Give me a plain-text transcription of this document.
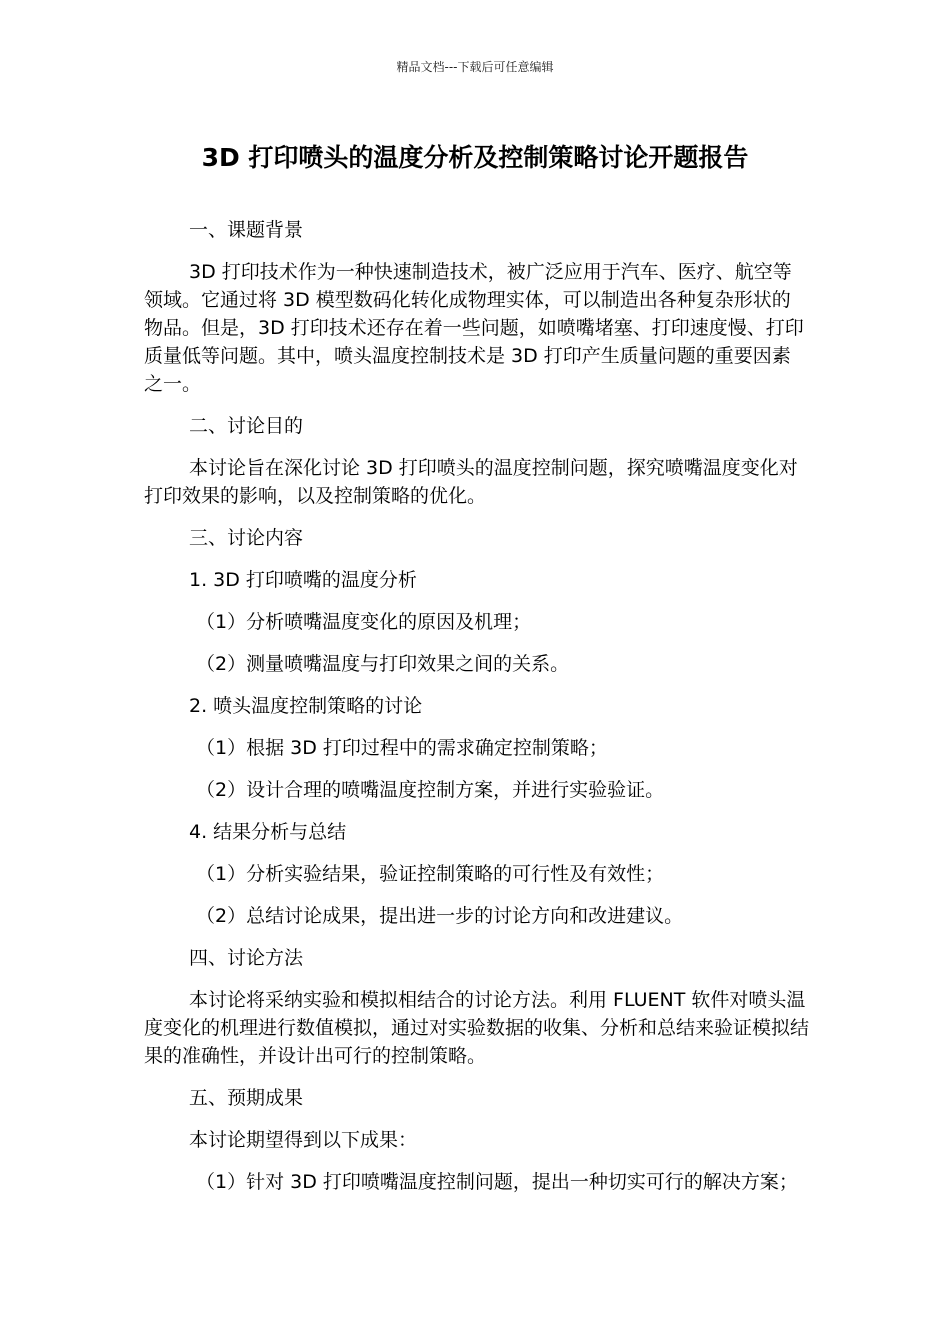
精品文档---下载后可任意编辑
3D 打印喷头的温度分析及控制策略讨论开题报告
一、课题背景
3D 打印技术作为一种快速制造技术，被广泛应用于汽车、医疗、航空等领域。它通过将 3D 模型数码化转化成物理实体，可以制造出各种复杂形状的物品。但是，3D 打印技术还存在着一些问题，如喷嘴堵塞、打印速度慢、打印质量低等问题。其中，喷头温度控制技术是 3D 打印产生质量问题的重要因素之一。
二、讨论目的
本讨论旨在深化讨论 3D 打印喷头的温度控制问题，探究喷嘴温度变化对打印效果的影响，以及控制策略的优化。
三、讨论内容
1. 3D 打印喷嘴的温度分析
（1）分析喷嘴温度变化的原因及机理；
（2）测量喷嘴温度与打印效果之间的关系。
2. 喷头温度控制策略的讨论
（1）根据 3D 打印过程中的需求确定控制策略；
（2）设计合理的喷嘴温度控制方案，并进行实验验证。
4. 结果分析与总结
（1）分析实验结果，验证控制策略的可行性及有效性；
（2）总结讨论成果，提出进一步的讨论方向和改进建议。
四、讨论方法
本讨论将采纳实验和模拟相结合的讨论方法。利用 FLUENT 软件对喷头温度变化的机理进行数值模拟，通过对实验数据的收集、分析和总结来验证模拟结果的准确性，并设计出可行的控制策略。
五、预期成果
本讨论期望得到以下成果：
（1）针对 3D 打印喷嘴温度控制问题，提出一种切实可行的解决方案；
